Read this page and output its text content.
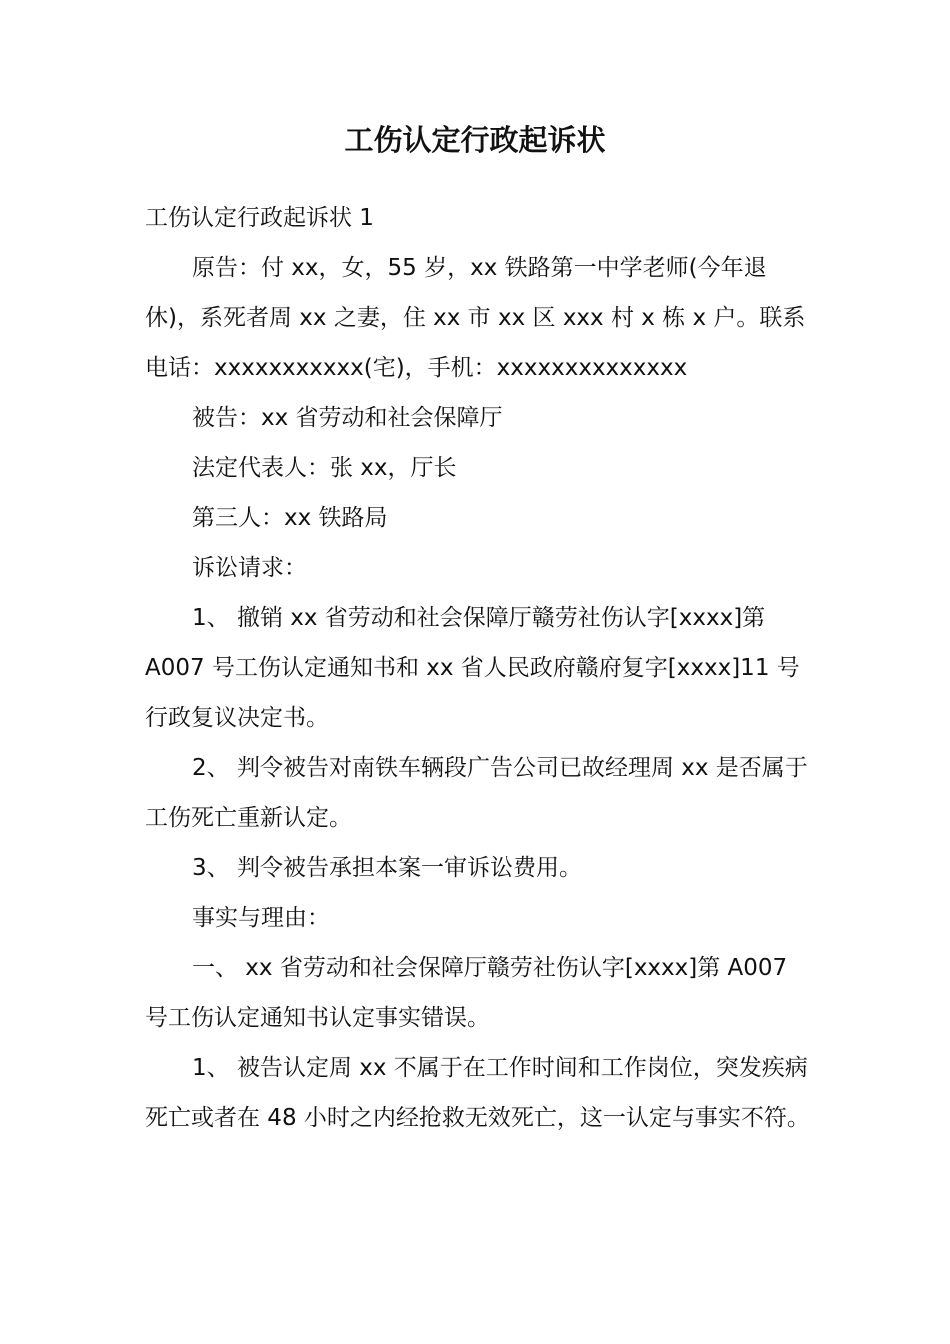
工伤认定行政起诉状

工伤认定行政起诉状 1

原告：付 xx，女，55 岁，xx 铁路第一中学老师(今年退休)，系死者周 xx 之妻，住 xx 市 xx 区 xxx 村 x 栋 x 户。联系电话：xxxxxxxxxxx(宅)，手机：xxxxxxxxxxxxxx

被告：xx 省劳动和社会保障厅

法定代表人：张 xx，厅长

第三人：xx 铁路局

诉讼请求：

1、 撤销 xx 省劳动和社会保障厅赣劳社伤认字[xxxx]第 A007 号工伤认定通知书和 xx 省人民政府赣府复字[xxxx]11 号行政复议决定书。

2、 判令被告对南铁车辆段广告公司已故经理周 xx 是否属于工伤死亡重新认定。

3、 判令被告承担本案一审诉讼费用。

事实与理由：

一、 xx 省劳动和社会保障厅赣劳社伤认字[xxxx]第 A007 号工伤认定通知书认定事实错误。

1、 被告认定周 xx 不属于在工作时间和工作岗位，突发疾病死亡或者在 48 小时之内经抢救无效死亡，这一认定与事实不符。
